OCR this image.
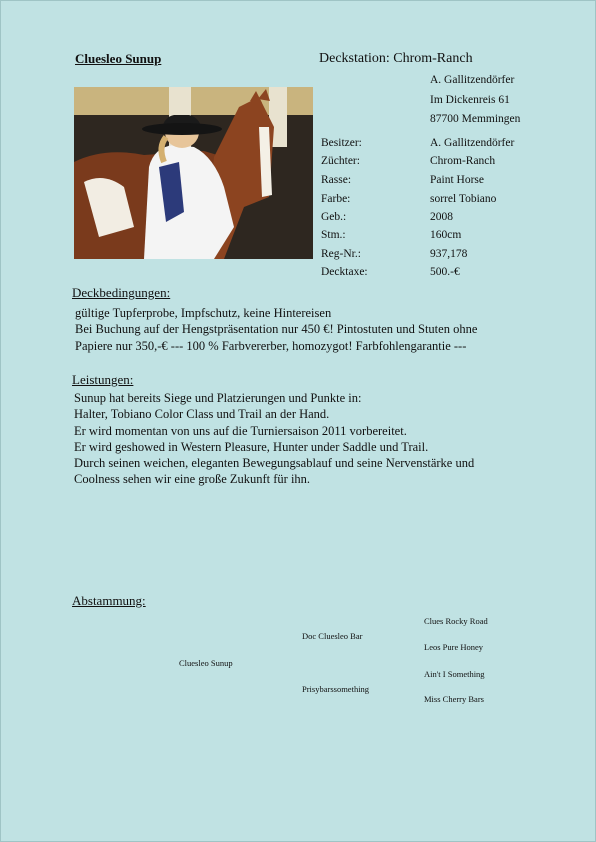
Cluesleo Sunup	Deckstation: Chrom-Ranch
A. Gallitzendörfer
Im Dickenreis 61
87700 Memmingen
Besitzer:	A. Gallitzendörfer
Züchter:	Chrom-Ranch
Rasse:	Paint Horse
Farbe:	sorrel Tobiano
Geb.:	2008
Stm.:	160cm
Reg-Nr.:	937,178
Decktaxe:	500.-€
Deckbedingungen:
gültige Tupferprobe, Impfschutz, keine Hintereisen
Bei Buchung auf der Hengstpräsentation nur 450 €! Pintostuten und Stuten ohne
Papiere nur 350,-€ --- 100 % Farbvererber, homozygot! Farbfohlengarantie ---
Leistungen:
Sunup hat bereits Siege und Platzierungen und Punkte in:
Halter, Tobiano Color Class und Trail an der Hand.
Er wird momentan von uns auf die Turniersaison 2011 vorbereitet.
Er wird geshowed in Western Pleasure, Hunter under Saddle und Trail.
Durch seinen weichen, eleganten Bewegungsablauf und seine Nervenstärke und
Coolness sehen wir eine große Zukunft für ihn.
Abstammung:
Clues Rocky Road
Doc Cluesleo Bar
Leos Pure Honey
Cluesleo Sunup
Ain't I Something
Prisybarssomething
Miss Cherry Bars
